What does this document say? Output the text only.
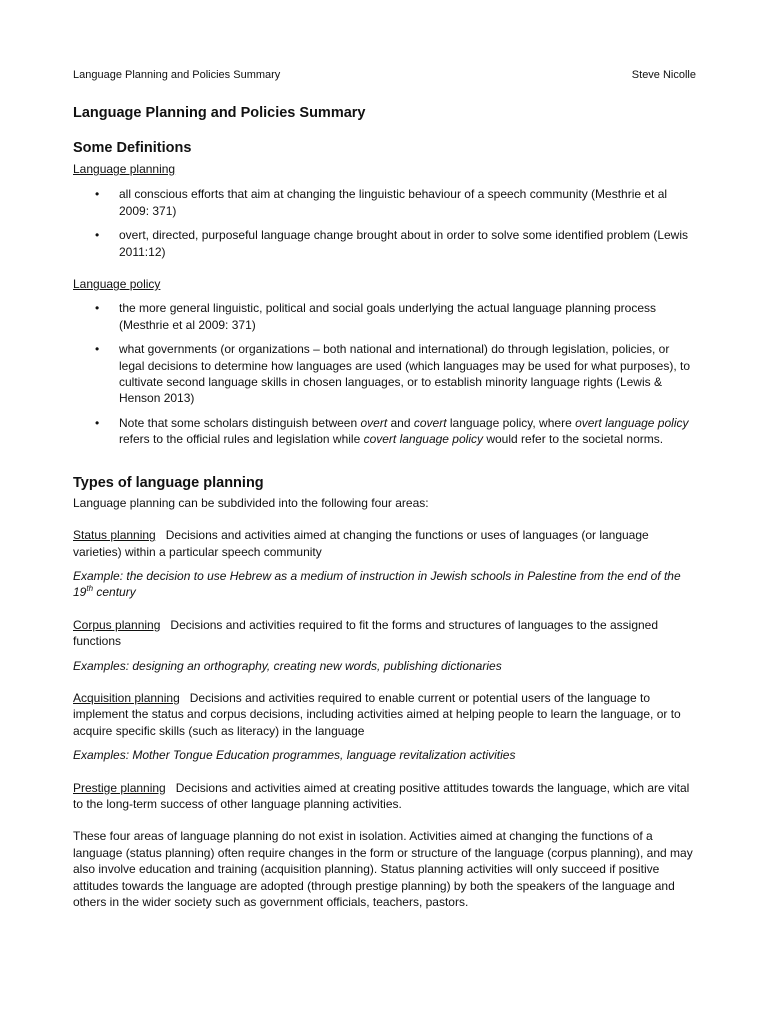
Language Planning and Policies Summary	Steve Nicolle
Language Planning and Policies Summary
Some Definitions

Language planning

• all conscious efforts that aim at changing the linguistic behaviour of a speech community (Mesthrie et al 2009: 371)
• overt, directed, purposeful language change brought about in order to solve some identified problem (Lewis 2011:12)

Language policy

• the more general linguistic, political and social goals underlying the actual language planning process (Mesthrie et al 2009: 371)
• what governments (or organizations – both national and international) do through legislation, policies, or legal decisions to determine how languages are used (which languages may be used for what purposes), to cultivate second language skills in chosen languages, or to establish minority language rights (Lewis & Henson 2013)
• Note that some scholars distinguish between overt and covert language policy, where overt language policy refers to the official rules and legislation while covert language policy would refer to the societal norms.
Types of language planning

Language planning can be subdivided into the following four areas:

Status planning   Decisions and activities aimed at changing the functions or uses of languages (or language varieties) within a particular speech community

Example: the decision to use Hebrew as a medium of instruction in Jewish schools in Palestine from the end of the 19th century

Corpus planning   Decisions and activities required to fit the forms and structures of languages to the assigned functions

Examples: designing an orthography, creating new words, publishing dictionaries

Acquisition planning   Decisions and activities required to enable current or potential users of the language to implement the status and corpus decisions, including activities aimed at helping people to learn the language, or to acquire specific skills (such as literacy) in the language

Examples: Mother Tongue Education programmes, language revitalization activities

Prestige planning   Decisions and activities aimed at creating positive attitudes towards the language, which are vital to the long-term success of other language planning activities.

These four areas of language planning do not exist in isolation. Activities aimed at changing the functions of a language (status planning) often require changes in the form or structure of the language (corpus planning), and may also involve education and training (acquisition planning). Status planning activities will only succeed if positive attitudes towards the language are adopted (through prestige planning) by both the speakers of the language and others in the wider society such as government officials, teachers, pastors.
